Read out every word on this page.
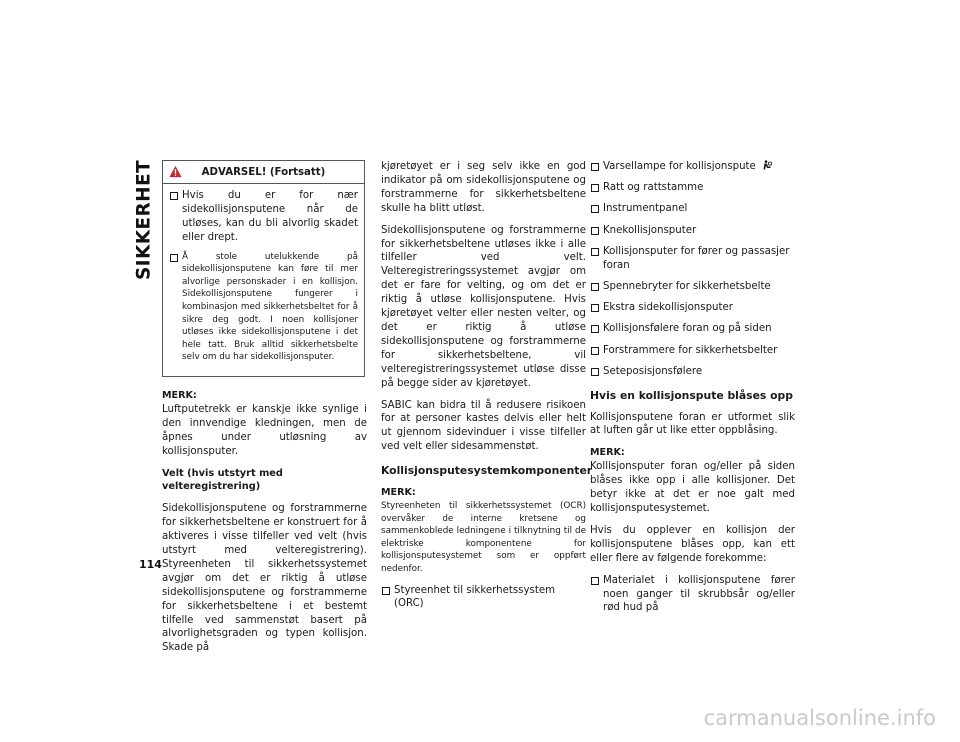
SIKKERHET
114
ADVARSEL! (Fortsatt)
Hvis du er for nær sidekollisjonsputene når de utløses, kan du bli alvorlig skadet eller drept.
Å stole utelukkende på sidekollisjonsputene kan føre til mer alvorlige personskader i en kollisjon. Sidekollisjonsputene fungerer i kombinasjon med sikkerhetsbeltet for å sikre deg godt. I noen kollisjoner utløses ikke sidekollisjonsputene i det hele tatt. Bruk alltid sikkerhetsbelte selv om du har sidekollisjonsputer.
MERK:

Luftputetrekk er kanskje ikke synlige i den innvendige kledningen, men de åpnes under utløsning av kollisjonsputer.

Velt (hvis utstyrt med velteregistrering)

Sidekollisjonsputene og forstrammerne for sikkerhetsbeltene er konstruert for å aktiveres i visse tilfeller ved velt (hvis utstyrt med velteregistrering). Styreenheten til sikkerhetssystemet avgjør om det er riktig å utløse sidekollisjonsputene og forstrammerne for sikkerhetsbeltene i et bestemt tilfelle ved sammenstøt basert på alvorlighetsgraden og typen kollisjon. Skade på

kjøretøyet er i seg selv ikke en god indikator på om sidekollisjonsputene og forstrammerne for sikkerhetsbeltene skulle ha blitt utløst.

Sidekollisjonsputene og forstrammerne for sikkerhetsbeltene utløses ikke i alle tilfeller ved velt. Velteregistreringssystemet avgjør om det er fare for velting, og om det er riktig å utløse kollisjonsputene. Hvis kjøretøyet velter eller nesten velter, og det er riktig å utløse sidekollisjonsputene og forstrammerne for sikkerhetsbeltene, vil velteregistreringssystemet utløse disse på begge sider av kjøretøyet.

SABIC kan bidra til å redusere risikoen for at personer kastes delvis eller helt ut gjennom sidevinduer i visse tilfeller ved velt eller sidesammenstøt.

Kollisjonsputesystemkomponenter
MERK:

Styreenheten til sikkerhetssystemet (OCR) overvåker de interne kretsene og sammenkoblede ledningene i tilknytning til de elektriske komponentene for kollisjonsputesystemet som er oppført nedenfor.

Styreenhet til sikkerhetssystem (ORC)
Varsellampe for kollisjonspute
Ratt og rattstamme
Instrumentpanel
Knekollisjonsputer
Kollisjonsputer for fører og passasjer foran
Spennebryter for sikkerhetsbelte
Ekstra sidekollisjonsputer
Kollisjonsfølere foran og på siden
Forstrammere for sikkerhetsbelter
Seteposisjonsfølere
Hvis en kollisjonspute blåses opp

Kollisjonsputene foran er utformet slik at luften går ut like etter oppblåsing.

MERK:

Kollisjonsputer foran og/eller på siden blåses ikke opp i alle kollisjoner. Det betyr ikke at det er noe galt med kollisjonsputesystemet.

Hvis du opplever en kollisjon der kollisjonsputene blåses opp, kan ett eller flere av følgende forekomme:

Materialet i kollisjonsputene fører noen ganger til skrubbsår og/eller rød hud på
carmanualsonline.info
